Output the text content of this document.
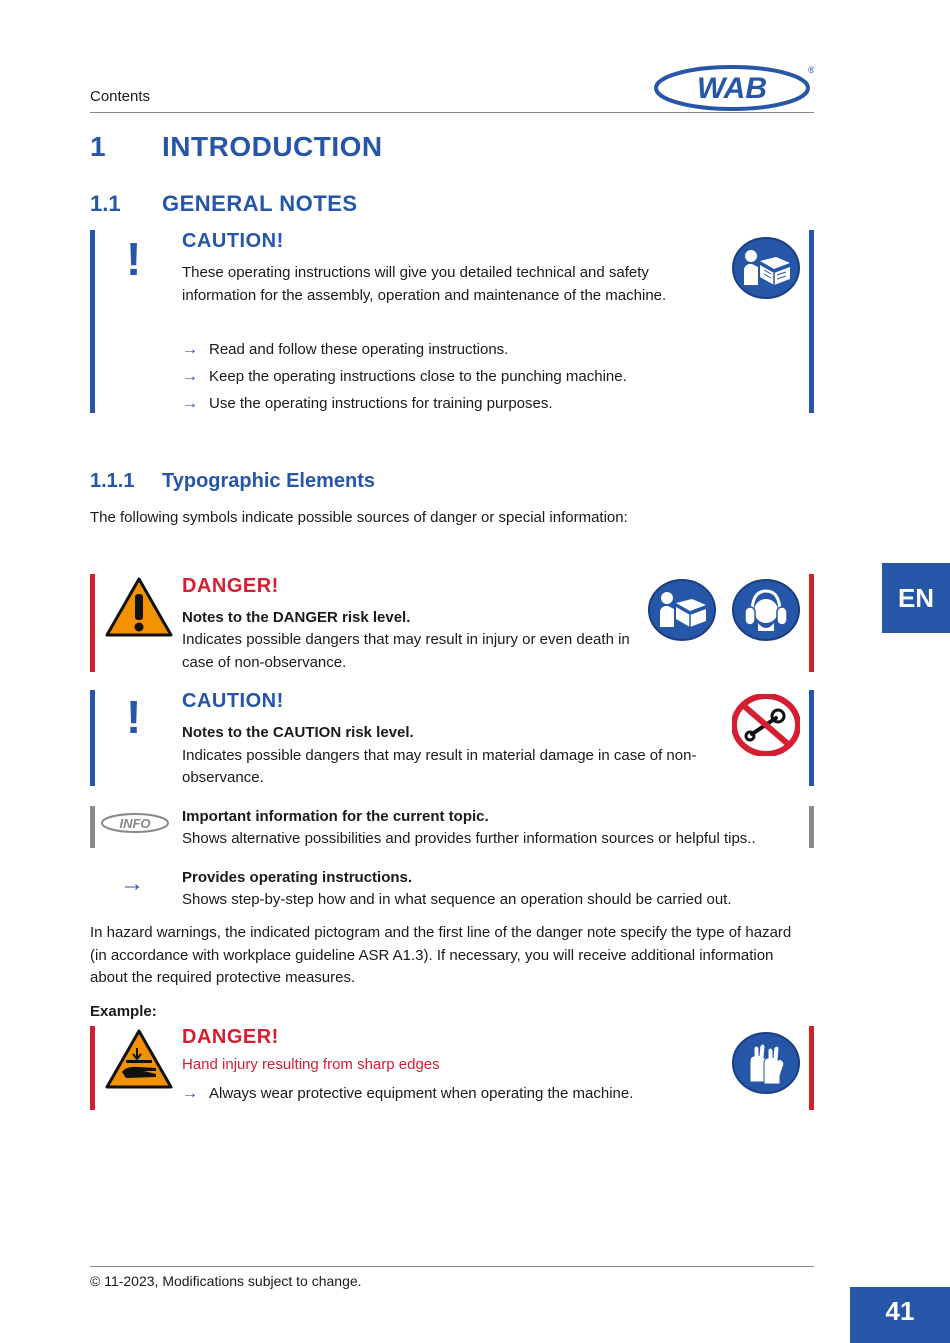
Contents	WAB
®
1 INTRODUCTION
1.1 GENERAL NOTES
! CAUTION!
These operating instructions will give you detailed technical and safety
information for the assembly, operation and maintenance of the machine.
→ Read and follow these operating instructions.
→ Keep the operating instructions close to the punching machine.
→ Use the operating instructions for training purposes.
1.1.1 Typographic Elements
The following symbols indicate possible sources of danger or special information:
DANGER!
Notes to the DANGER risk level.
Indicates possible dangers that may result in injury or even death in
case of non-observance.
! CAUTION!
Notes to the CAUTION risk level.
Indicates possible dangers that may result in material damage in case of non-
observance.
INFO Important information for the current topic.
Shows alternative possibilities and provides further information sources or helpful tips..
→	Provides operating instructions.
Shows step-by-step how and in what sequence an operation should be carried out.
In hazard warnings, the indicated pictogram and the first line of the danger note specify the type of hazard
(in accordance with workplace guideline ASR A1.3). If necessary, you will receive additional information
about the required protective measures.
Example:
DANGER!
Hand injury resulting from sharp edges
→ Always wear protective equipment when operating the machine.
EN
© 11-2023, Modifications subject to change.
41
